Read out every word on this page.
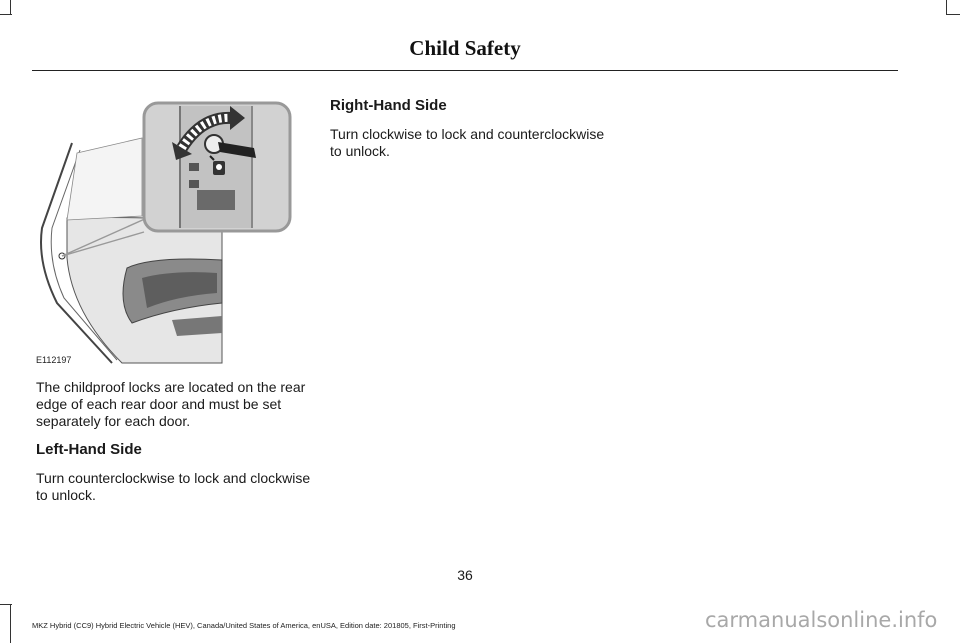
Child Safety
E112197

The childproof locks are located on the rear edge of each rear door and must be set separately for each door.

Left-Hand Side

Turn counterclockwise to lock and clockwise to unlock.

Right-Hand Side

Turn clockwise to lock and counterclockwise to unlock.

36
MKZ Hybrid (CC9) Hybrid Electric Vehicle (HEV), Canada/United States of America, enUSA, Edition date: 201805, First-Printing	carmanualsonline.info
